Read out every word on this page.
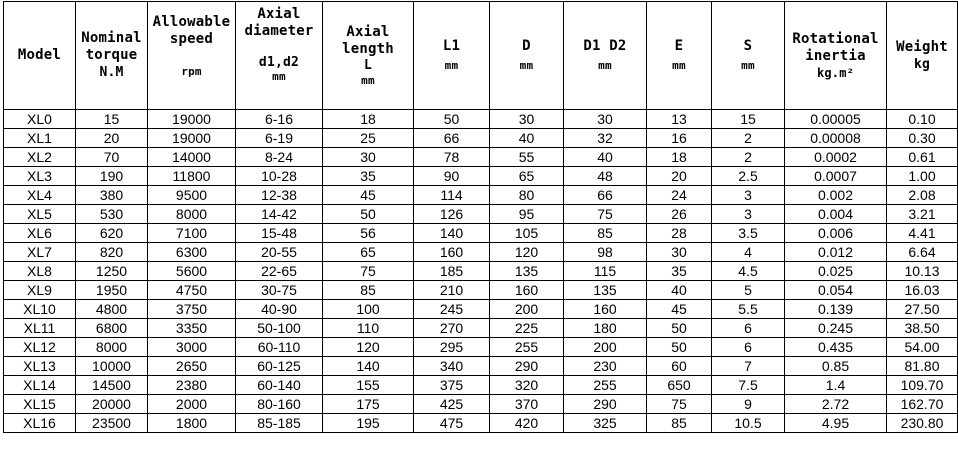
Model	Nominal
torque
N.M	Allowable
speed
rpm	Axial
diameter
d1,d2
mm	Axial
length
L
mm	L1
mm	D
mm	D1 D2
mm	E
mm	S
mm	Rotational
inertia
kg.m²	Weight
kg

XL0	15	19000	6-16	18	50	30	30	13	15	0.00005	0.10
XL1	20	19000	6-19	25	66	40	32	16	2	0.00008	0.30
XL2	70	14000	8-24	30	78	55	40	18	2	0.0002	0.61
XL3	190	11800	10-28	35	90	65	48	20	2.5	0.0007	1.00
XL4	380	9500	12-38	45	114	80	66	24	3	0.002	2.08
XL5	530	8000	14-42	50	126	95	75	26	3	0.004	3.21
XL6	620	7100	15-48	56	140	105	85	28	3.5	0.006	4.41
XL7	820	6300	20-55	65	160	120	98	30	4	0.012	6.64
XL8	1250	5600	22-65	75	185	135	115	35	4.5	0.025	10.13
XL9	1950	4750	30-75	85	210	160	135	40	5	0.054	16.03
XL10	4800	3750	40-90	100	245	200	160	45	5.5	0.139	27.50
XL11	6800	3350	50-100	110	270	225	180	50	6	0.245	38.50
XL12	8000	3000	60-110	120	295	255	200	50	6	0.435	54.00
XL13	10000	2650	60-125	140	340	290	230	60	7	0.85	81.80
XL14	14500	2380	60-140	155	375	320	255	650	7.5	1.4	109.70
XL15	20000	2000	80-160	175	425	370	290	75	9	2.72	162.70
XL16	23500	1800	85-185	195	475	420	325	85	10.5	4.95	230.80
